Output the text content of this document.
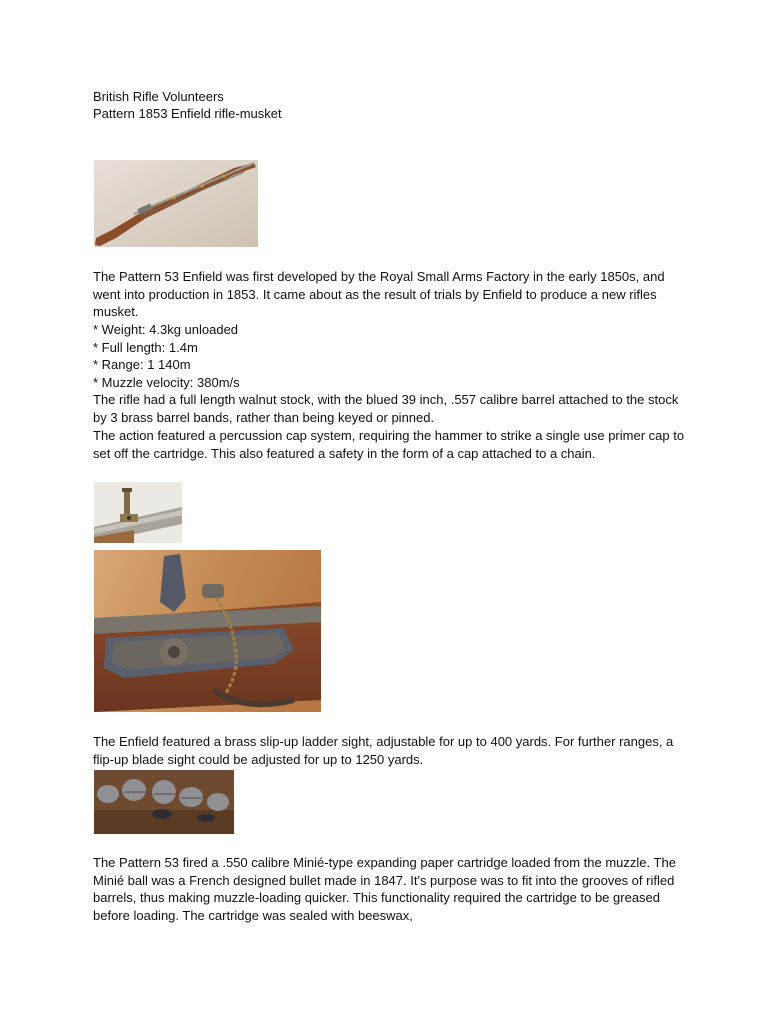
British Rifle Volunteers

Pattern 1853 Enfield rifle-musket

The Pattern 53 Enfield was first developed by the Royal Small Arms Factory in the early 1850s, and went into production in 1853. It came about as the result of trials by Enfield to produce a new rifles musket.
* Weight: 4.3kg unloaded
* Full length: 1.4m
* Range: 1 140m
* Muzzle velocity: 380m/s
The rifle had a full length walnut stock, with the blued 39 inch, .557 calibre barrel attached to the stock by 3 brass barrel bands, rather than being keyed or pinned.
The action featured a percussion cap system, requiring the hammer to strike a single use primer cap to set off the cartridge. This also featured a safety in the form of a cap attached to a chain.
The Enfield featured a brass slip-up ladder sight, adjustable for up to 400 yards. For further ranges, a flip-up blade sight could be adjusted for up to 1250 yards.
The Pattern 53 fired a .550 calibre Minié-type expanding paper cartridge loaded from the muzzle. The Minié ball was a French designed bullet made in 1847. It's purpose was to fit into the grooves of rifled barrels, thus making muzzle-loading quicker. This functionality required the cartridge to be greased before loading. The cartridge was sealed with beeswax,
